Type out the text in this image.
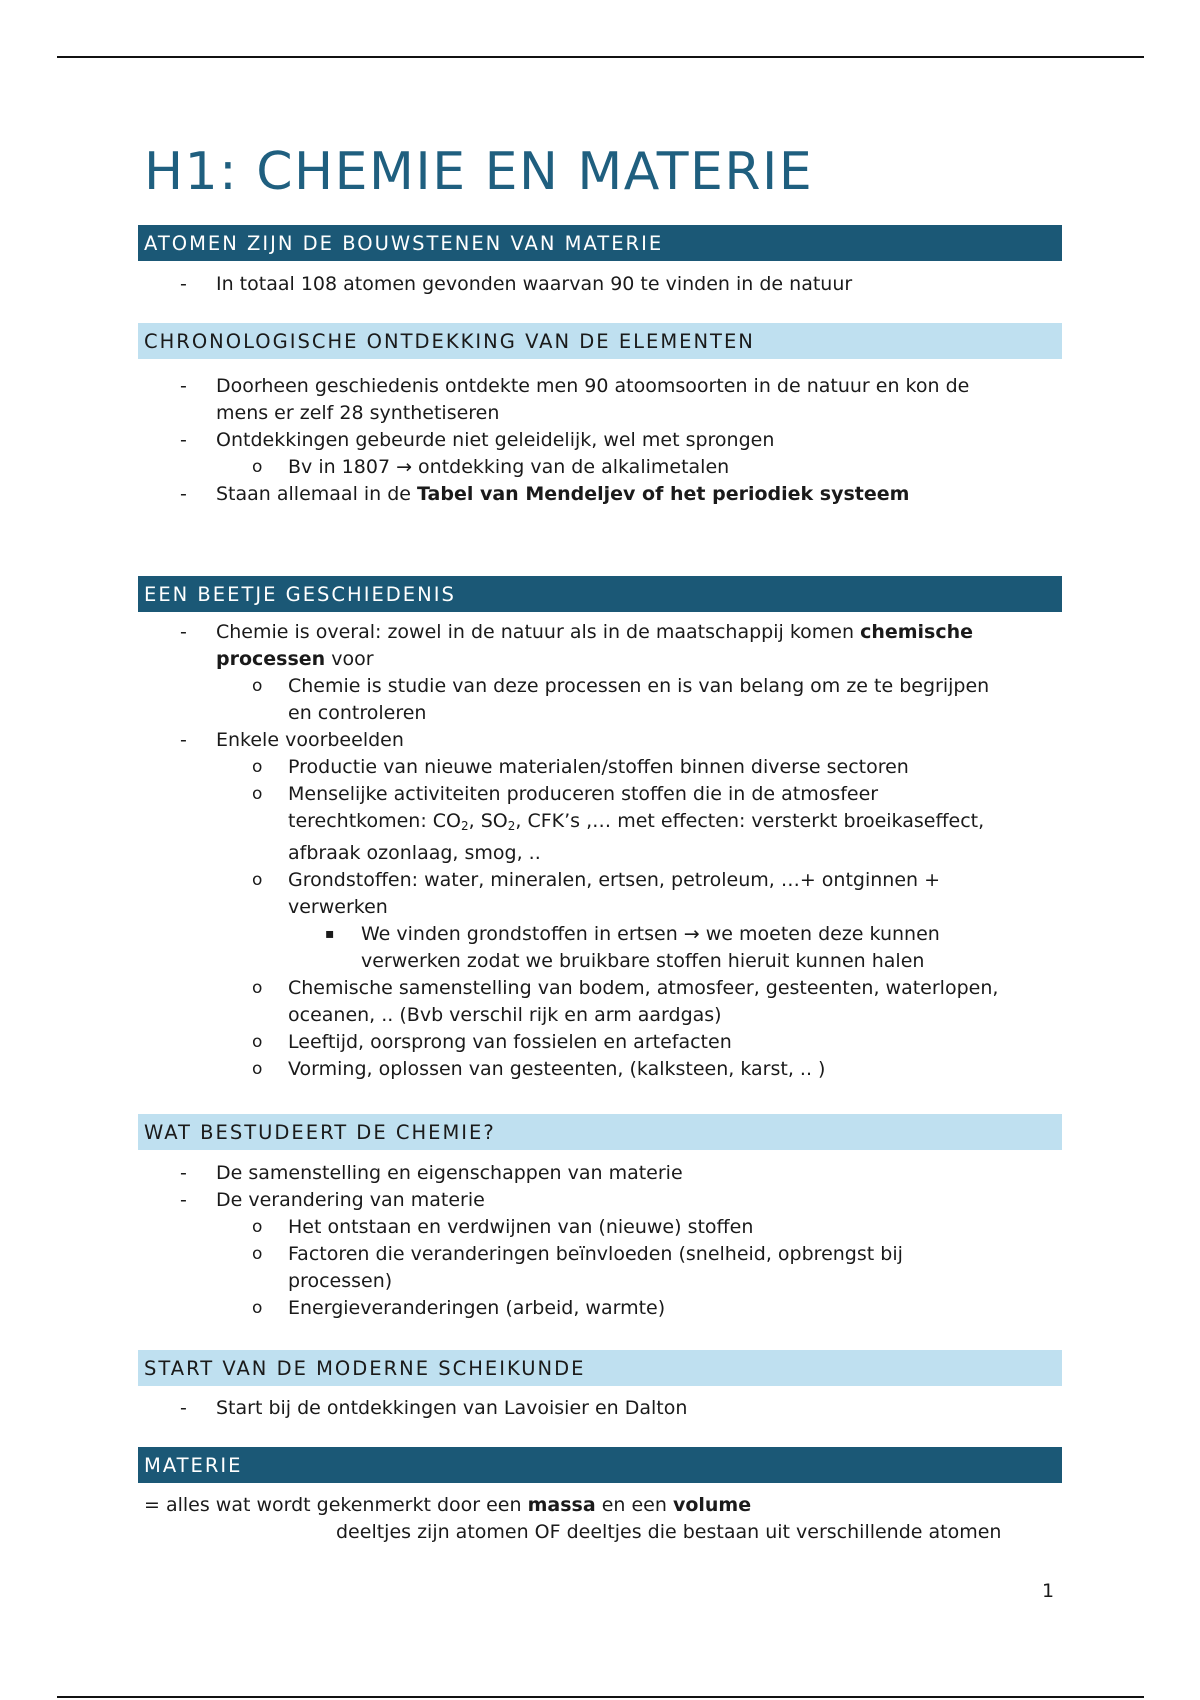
H1: CHEMIE EN MATERIE
ATOMEN ZIJN DE BOUWSTENEN VAN MATERIE
- In totaal 108 atomen gevonden waarvan 90 te vinden in de natuur
CHRONOLOGISCHE ONTDEKKING VAN DE ELEMENTEN
- Doorheen geschiedenis ontdekte men 90 atoomsoorten in de natuur en kon de
mens er zelf 28 synthetiseren
- Ontdekkingen gebeurde niet geleidelijk, wel met sprongen
o Bv in 1807 → ontdekking van de alkalimetalen
- Staan allemaal in de Tabel van Mendeljev of het periodiek systeem
EEN BEETJE GESCHIEDENIS
- Chemie is overal: zowel in de natuur als in de maatschappij komen chemische
processen voor
o Chemie is studie van deze processen en is van belang om ze te begrijpen
en controleren
- Enkele voorbeelden
o Productie van nieuwe materialen/stoffen binnen diverse sectoren
o Menselijke activiteiten produceren stoffen die in de atmosfeer
terechtkomen: $CO_2$, $SO_2$, CFK’s ,… met effecten: versterkt broeikaseffect,
afbraak ozonlaag, smog, ..
o Grondstoffen: water, mineralen, ertsen, petroleum, …+ ontginnen +
verwerken
▪ We vinden grondstoffen in ertsen → we moeten deze kunnen
verwerken zodat we bruikbare stoffen hieruit kunnen halen
o Chemische samenstelling van bodem, atmosfeer, gesteenten, waterlopen,
oceanen, .. (Bvb verschil rijk en arm aardgas)
o Leeftijd, oorsprong van fossielen en artefacten
o Vorming, oplossen van gesteenten, (kalksteen, karst, .. )
WAT BESTUDEERT DE CHEMIE?
- De samenstelling en eigenschappen van materie
- De verandering van materie
o Het ontstaan en verdwijnen van (nieuwe) stoffen
o Factoren die veranderingen beïnvloeden (snelheid, opbrengst bij
processen)
o Energieveranderingen (arbeid, warmte)
START VAN DE MODERNE SCHEIKUNDE
- Start bij de ontdekkingen van Lavoisier en Dalton
MATERIE

= alles wat wordt gekenmerkt door een massa en een volume

deeltjes zijn atomen OF deeltjes die bestaan uit verschillende atomen

1
